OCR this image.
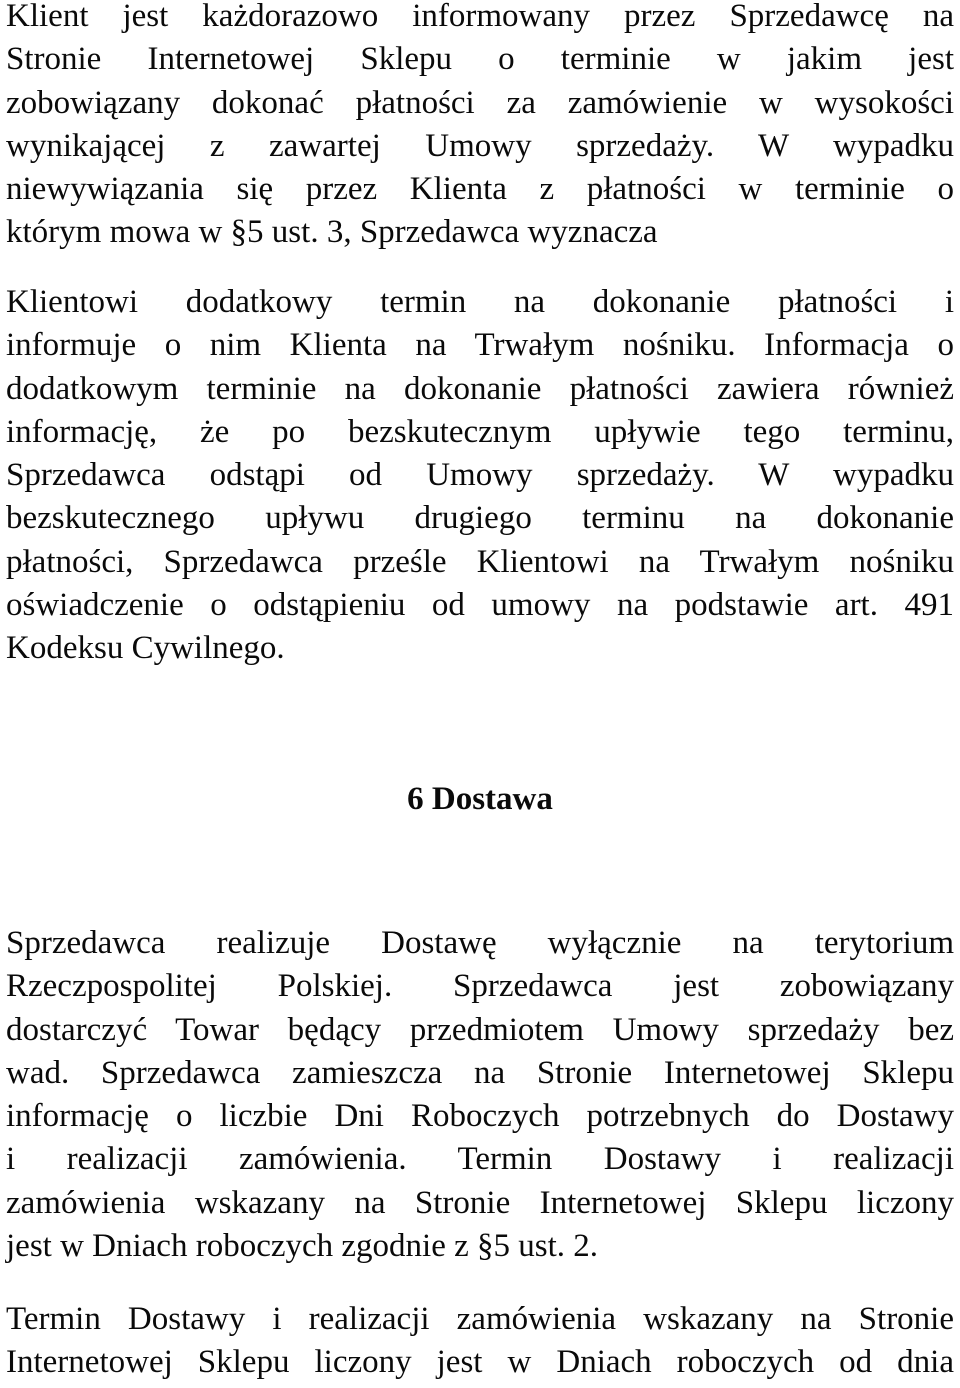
Klient jest każdorazowo informowany przez Sprzedawcę na
Stronie Internetowej Sklepu o terminie w jakim jest
zobowiązany dokonać płatności za zamówienie w wysokości
wynikającej z zawartej Umowy sprzedaży. W wypadku
niewywiązania się przez Klienta z płatności w terminie o
którym mowa w §5 ust. 3, Sprzedawca wyznacza
Klientowi dodatkowy termin na dokonanie płatności i
informuje o nim Klienta na Trwałym nośniku. Informacja o
dodatkowym terminie na dokonanie płatności zawiera również
informację, że po bezskutecznym upływie tego terminu,
Sprzedawca odstąpi od Umowy sprzedaży. W wypadku
bezskutecznego upływu drugiego terminu na dokonanie
płatności, Sprzedawca prześle Klientowi na Trwałym nośniku
oświadczenie o odstąpieniu od umowy na podstawie art. 491
Kodeksu Cywilnego.
6 Dostawa
Sprzedawca realizuje Dostawę wyłącznie na terytorium
Rzeczpospolitej Polskiej. Sprzedawca jest zobowiązany
dostarczyć Towar będący przedmiotem Umowy sprzedaży bez
wad. Sprzedawca zamieszcza na Stronie Internetowej Sklepu
informację o liczbie Dni Roboczych potrzebnych do Dostawy
i realizacji zamówienia. Termin Dostawy i realizacji
zamówienia wskazany na Stronie Internetowej Sklepu liczony
jest w Dniach roboczych zgodnie z §5 ust. 2.
Termin Dostawy i realizacji zamówienia wskazany na Stronie
Internetowej Sklepu liczony jest w Dniach roboczych od dnia
